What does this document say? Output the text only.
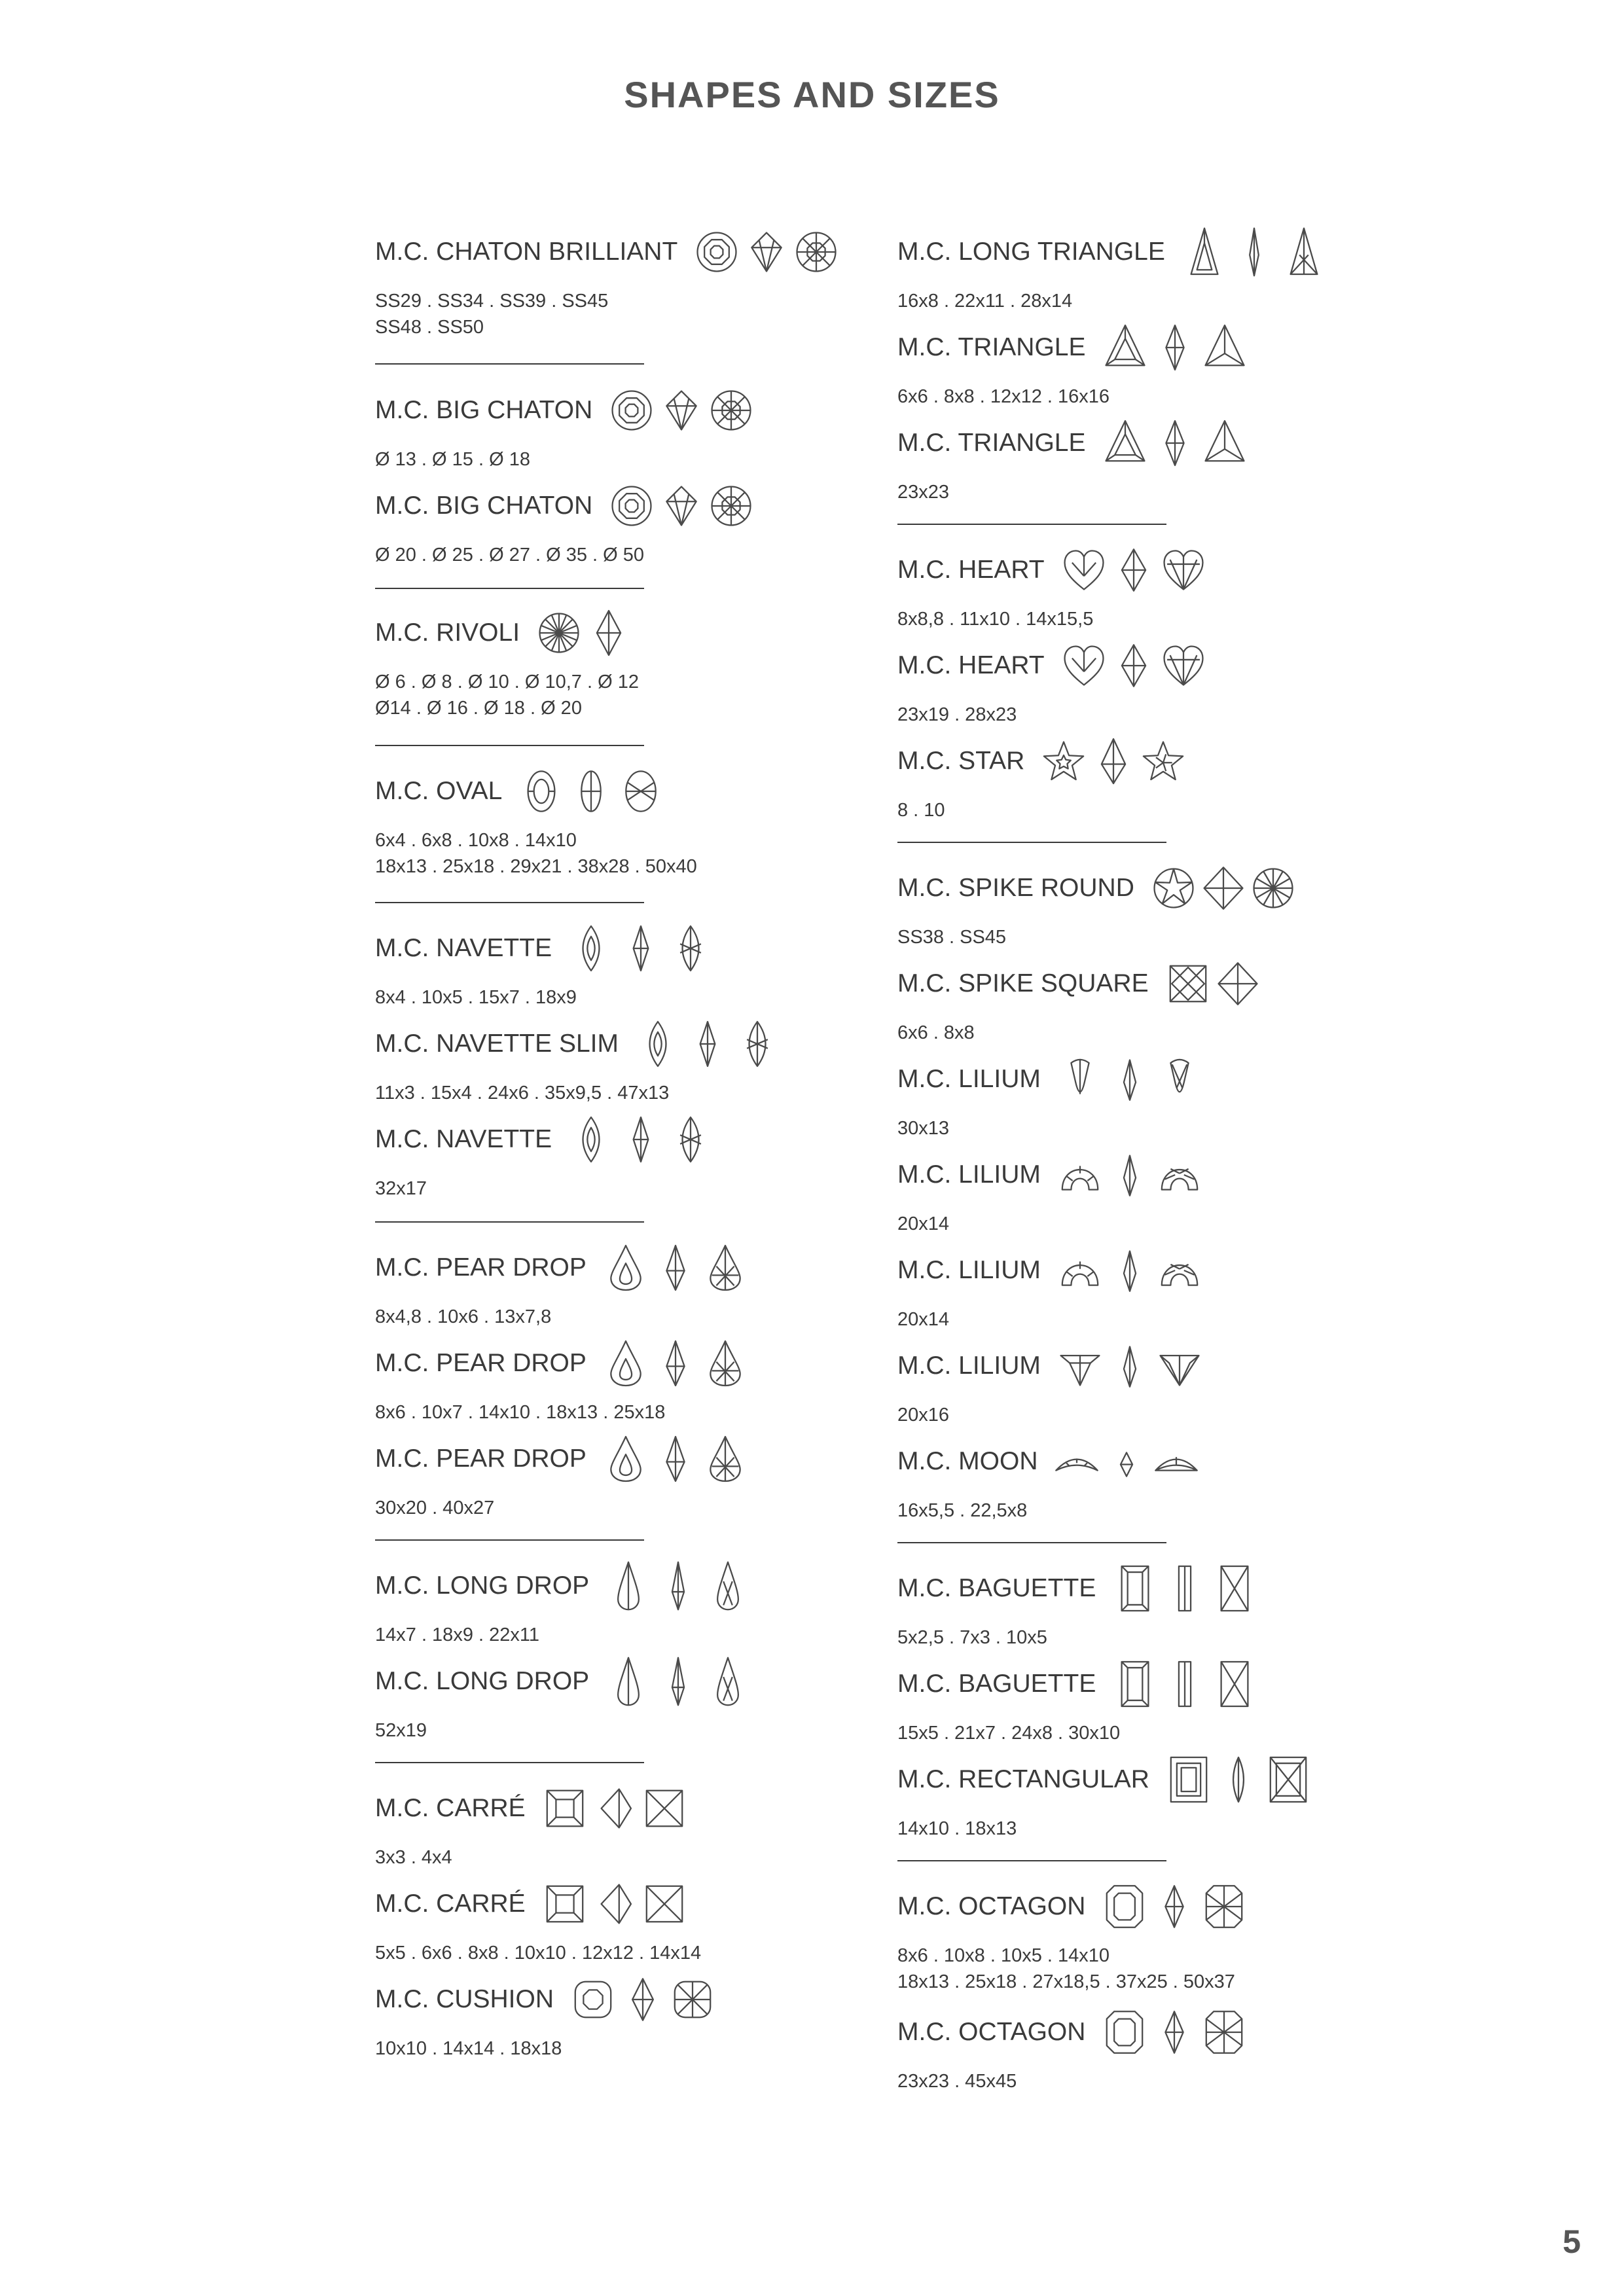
SHAPES AND SIZES
M.C. CHATON BRILLIANT
SS29 . SS34 . SS39 . SS45
SS48 . SS50
M.C. BIG CHATON
Ø 13 . Ø 15 . Ø 18
M.C. BIG CHATON
Ø 20 . Ø 25 . Ø 27 . Ø 35 . Ø 50
M.C. RIVOLI
Ø 6 . Ø 8 . Ø 10 . Ø 10,7 . Ø 12
Ø14 . Ø 16 . Ø 18 . Ø 20
M.C. OVAL
6x4 . 6x8 . 10x8 . 14x10
18x13 . 25x18 . 29x21 . 38x28 . 50x40
M.C. NAVETTE
8x4 . 10x5 . 15x7 . 18x9
M.C. NAVETTE SLIM
11x3 . 15x4 . 24x6 . 35x9,5 . 47x13
M.C. NAVETTE
32x17
M.C. PEAR DROP
8x4,8 . 10x6 . 13x7,8
M.C. PEAR DROP
8x6 . 10x7 . 14x10 . 18x13 . 25x18
M.C. PEAR DROP
30x20 . 40x27
M.C. LONG DROP
14x7 . 18x9 . 22x11
M.C. LONG DROP
52x19
M.C. CARRÉ
3x3 . 4x4
M.C. CARRÉ
5x5 . 6x6 . 8x8 . 10x10 . 12x12 . 14x14
M.C. CUSHION
10x10 . 14x14 . 18x18
M.C. LONG TRIANGLE
16x8 . 22x11 . 28x14
M.C. TRIANGLE
6x6 . 8x8 . 12x12 . 16x16
M.C. TRIANGLE
23x23
M.C. HEART
8x8,8 . 11x10 . 14x15,5
M.C. HEART
23x19 . 28x23
M.C. STAR
8 . 10
M.C. SPIKE ROUND
SS38 . SS45
M.C. SPIKE SQUARE
6x6 . 8x8
M.C. LILIUM
30x13
M.C. LILIUM
20x14
M.C. LILIUM
20x14
M.C. LILIUM
20x16
M.C. MOON
16x5,5 . 22,5x8
M.C. BAGUETTE
5x2,5 . 7x3 . 10x5
M.C. BAGUETTE
15x5 . 21x7 . 24x8 . 30x10
M.C. RECTANGULAR
14x10 . 18x13
M.C. OCTAGON
8x6 . 10x8 . 10x5 . 14x10
18x13 . 25x18 . 27x18,5 . 37x25 . 50x37
M.C. OCTAGON
23x23 . 45x45
5
